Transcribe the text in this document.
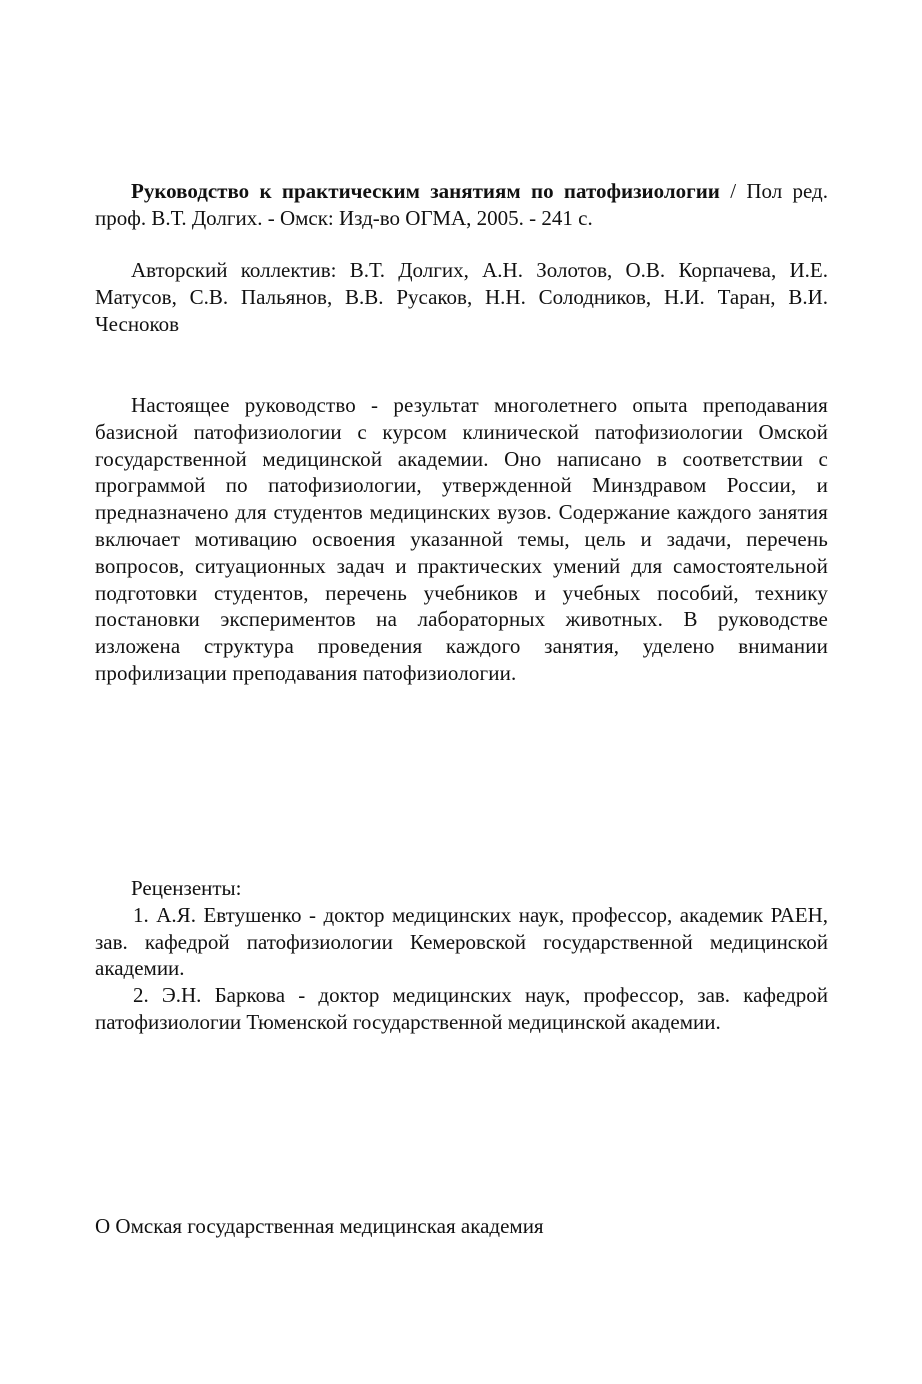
Руководство к практическим занятиям по патофизиологии / Пол ред. проф. В.Т. Долгих. - Омск: Изд-во ОГМА, 2005. - 241 с.
Авторский коллектив: В.Т. Долгих, А.Н. Золотов, О.В. Корпачева, И.Е. Матусов, С.В. Пальянов, В.В. Русаков, Н.Н. Солодников, Н.И. Таран, В.И. Чесноков
Настоящее руководство - результат многолетнего опыта преподавания базисной патофизиологии с курсом клинической патофизиологии Омской государственной медицинской академии. Оно написано в соответствии с программой по патофизиологии, утвержденной Минздравом России, и предназначено для студентов медицинских вузов. Содержание каждого занятия включает мотивацию освоения указанной темы, цель и задачи, перечень вопросов, ситуационных задач и практических умений для самостоятельной подготовки студентов, перечень учебников и учебных пособий, технику постановки экспериментов на лабораторных животных. В руководстве изложена структура проведения каждого занятия, уделено внимании профилизации преподавания патофизиологии.

Рецензенты:

1. А.Я. Евтушенко - доктор медицинских наук, профессор, академик РАЕН, зав. кафедрой патофизиологии Кемеровской государственной медицинской академии.

2. Э.Н. Баркова - доктор медицинских наук, профессор, зав. кафедрой патофизиологии Тюменской государственной медицинской академии.

О Омская государственная медицинская академия
